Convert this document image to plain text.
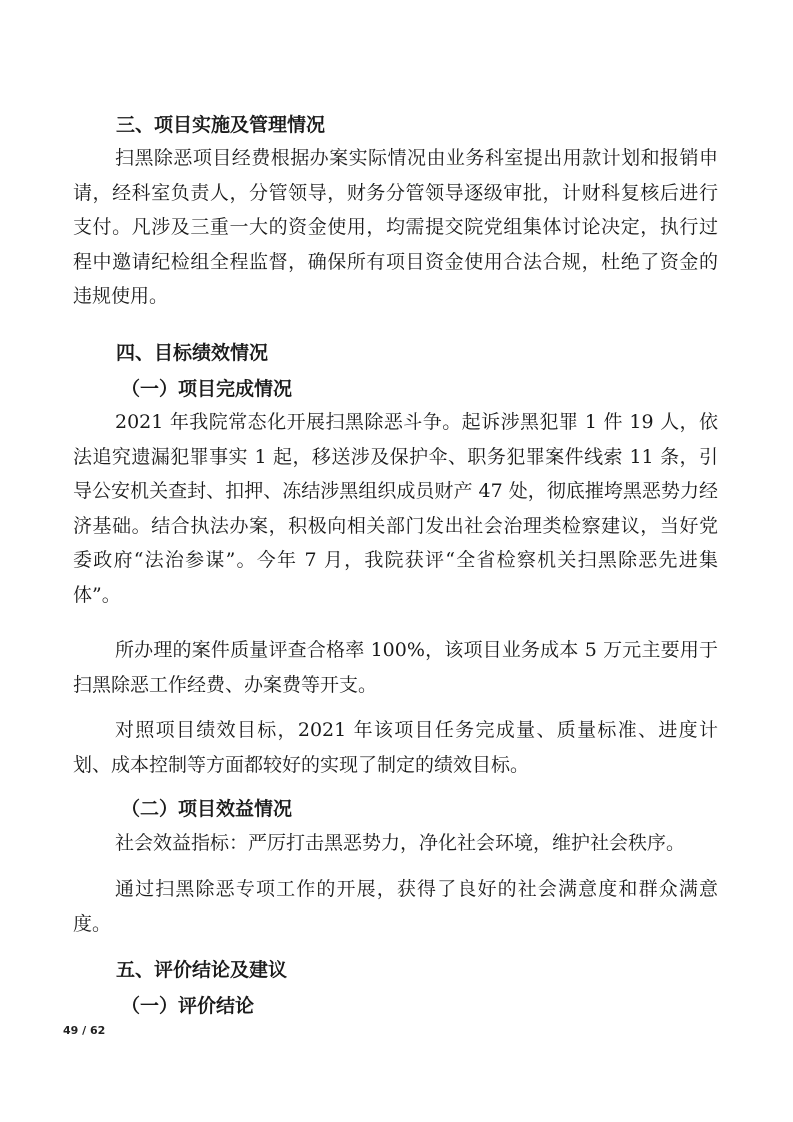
三、项目实施及管理情况

扫黑除恶项目经费根据办案实际情况由业务科室提出用款计划和报销申请，经科室负责人，分管领导，财务分管领导逐级审批，计财科复核后进行支付。凡涉及三重一大的资金使用，均需提交院党组集体讨论决定，执行过程中邀请纪检组全程监督，确保所有项目资金使用合法合规，杜绝了资金的违规使用。

四、目标绩效情况
（一）项目完成情况

2021 年我院常态化开展扫黑除恶斗争。起诉涉黑犯罪 1 件 19 人，依法追究遗漏犯罪事实 1 起，移送涉及保护伞、职务犯罪案件线索 11 条，引导公安机关查封、扣押、冻结涉黑组织成员财产 47 处，彻底摧垮黑恶势力经济基础。结合执法办案，积极向相关部门发出社会治理类检察建议，当好党委政府“法治参谋”。今年 7 月，我院获评“全省检察机关扫黑除恶先进集体”。

所办理的案件质量评查合格率 100%，该项目业务成本 5 万元主要用于扫黑除恶工作经费、办案费等开支。

对照项目绩效目标，2021 年该项目任务完成量、质量标准、进度计划、成本控制等方面都较好的实现了制定的绩效目标。

（二）项目效益情况

社会效益指标：严厉打击黑恶势力，净化社会环境，维护社会秩序。

通过扫黑除恶专项工作的开展，获得了良好的社会满意度和群众满意度。

五、评价结论及建议
（一）评价结论
49 / 62
